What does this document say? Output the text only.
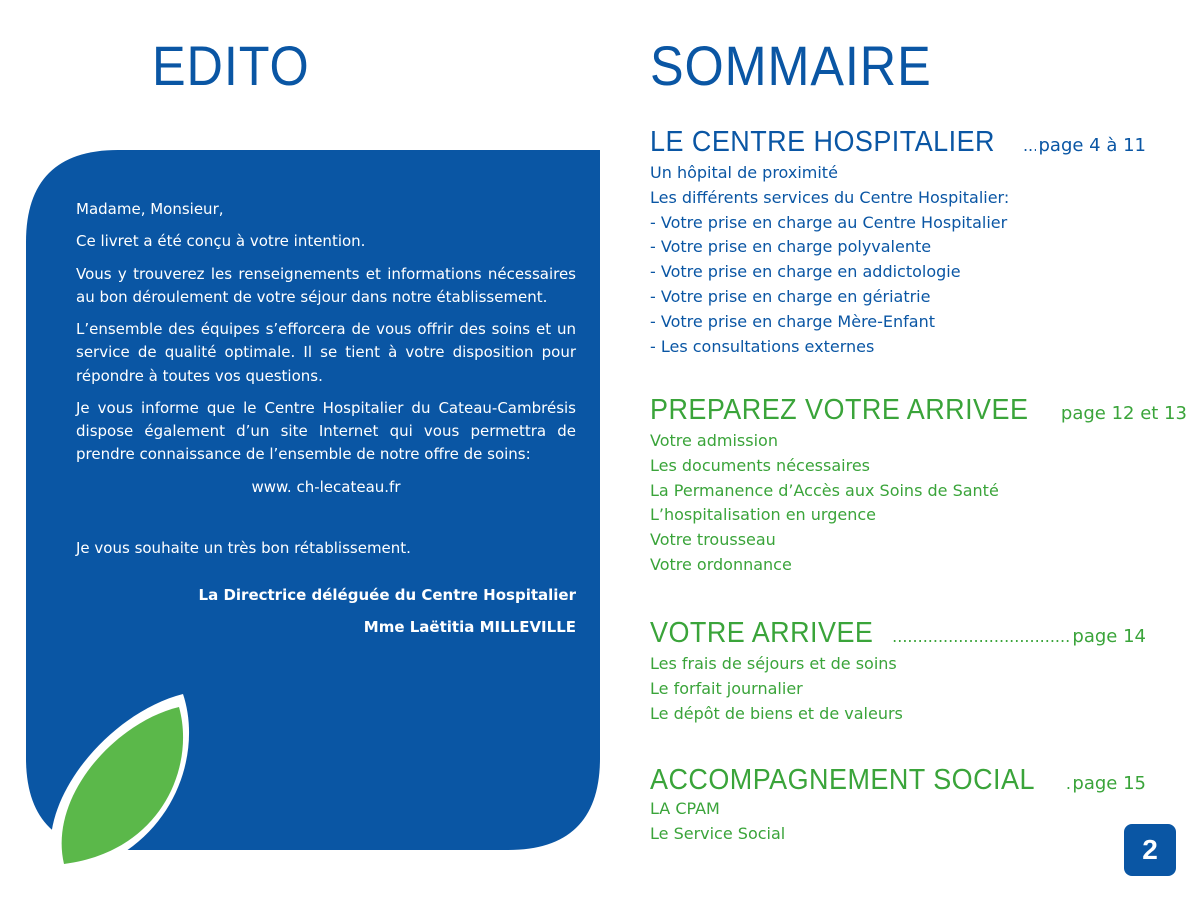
EDITO	SOMMAIRE

Madame, Monsieur,

Ce livret a été conçu à votre intention.

Vous y trouverez les renseignements et informations nécessaires au bon déroulement de votre séjour dans notre établissement.

L’ensemble des équipes s’efforcera de vous offrir des soins et un service de qualité optimale. Il se tient à votre disposition pour répondre à toutes vos questions.

Je vous informe que le Centre Hospitalier du Cateau-Cambrésis dispose également d’un site Internet qui vous permettra de prendre connaissance de l’ensemble de notre offre de soins:

www. ch-lecateau.fr

Je vous souhaite un très bon rétablissement.

La Directrice déléguée du Centre Hospitalier

Mme Laëtitia MILLEVILLE

LE CENTRE HOSPITALIER ..... page 4 à 11
Un hôpital de proximité
Les différents services du Centre Hospitalier:
- Votre prise en charge au Centre Hospitalier
- Votre prise en charge polyvalente
- Votre prise en charge en addictologie
- Votre prise en charge en gériatrie
- Votre prise en charge Mère-Enfant
- Les consultations externes
PREPAREZ VOTRE ARRIVEE page 12 et 13
Votre admission
Les documents nécessaires
La Permanence d’Accès aux Soins de Santé
L’hospitalisation en urgence
Votre trousseau
Votre ordonnance
VOTRE ARRIVEE .....	page 14
Les frais de séjours et de soins
Le forfait journalier
Le dépôt de biens et de valeurs
ACCOMPAGNEMENT SOCIAL ..... page 15
LA CPAM
Le Service Social
2
